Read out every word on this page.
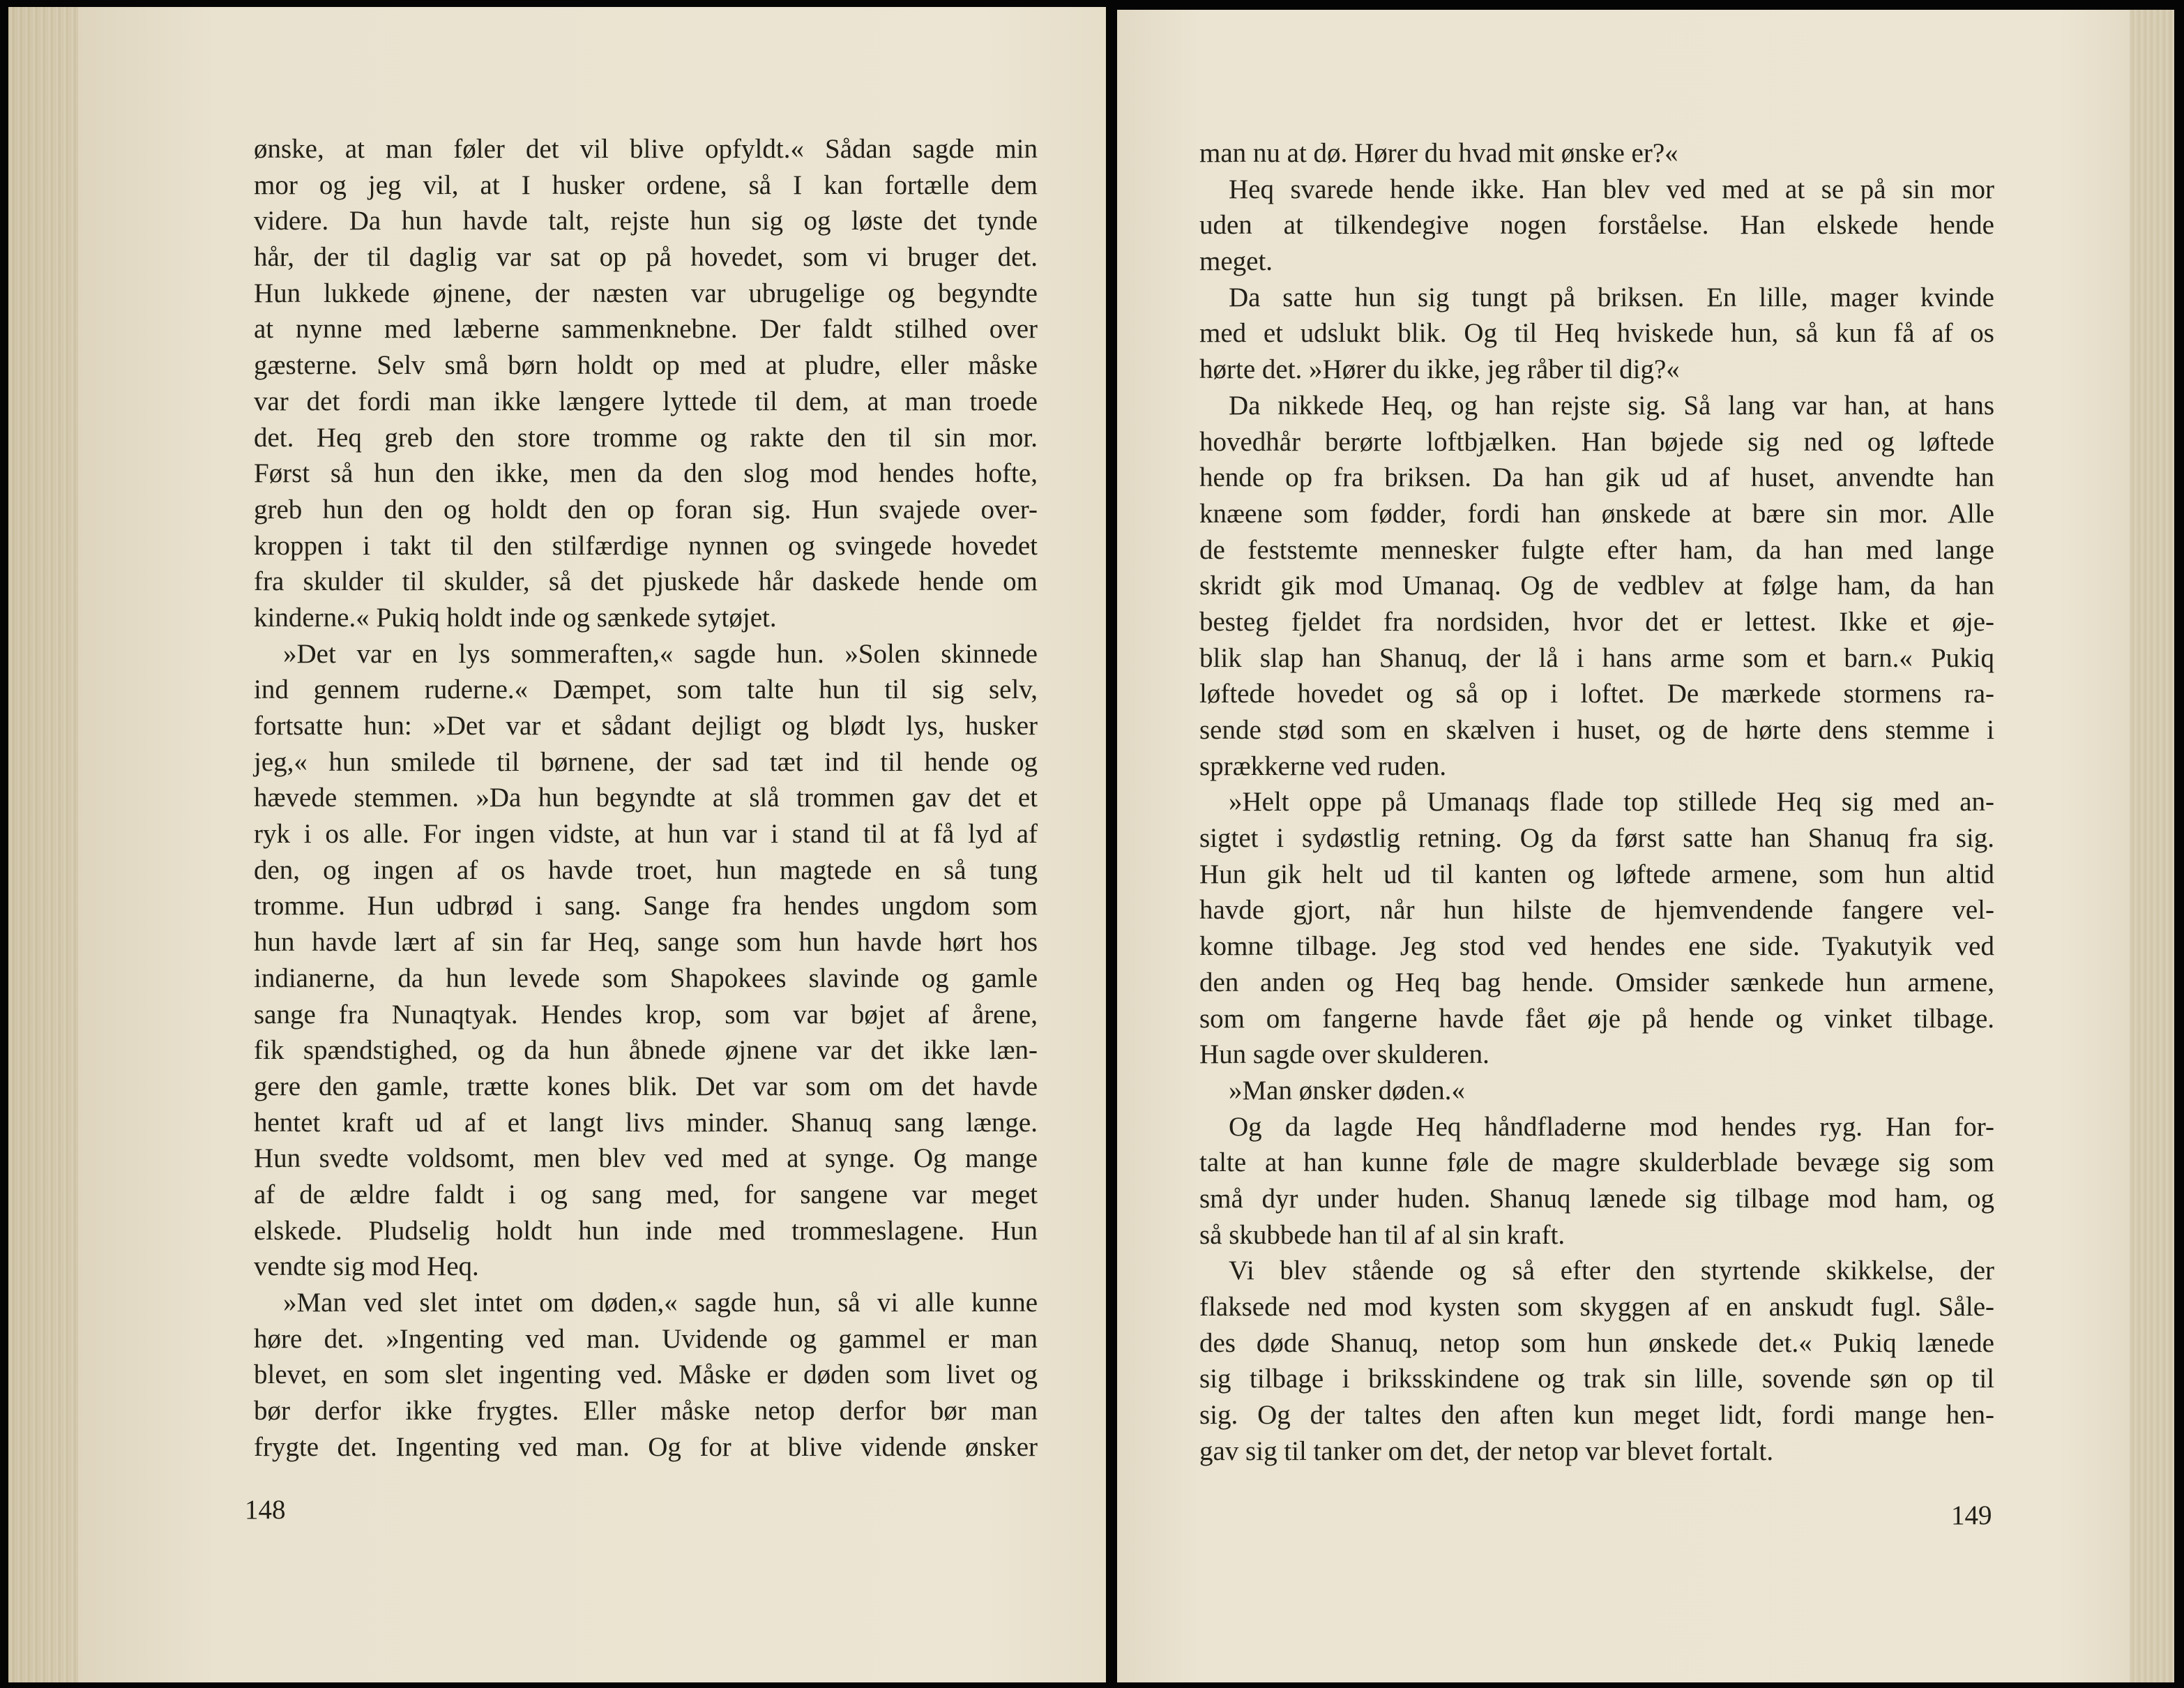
ønske, at man føler det vil blive opfyldt.« Sådan sagde min
mor og jeg vil, at I husker ordene, så I kan fortælle dem
videre. Da hun havde talt, rejste hun sig og løste det tynde
hår, der til daglig var sat op på hovedet, som vi bruger det.
Hun lukkede øjnene, der næsten var ubrugelige og begyndte
at nynne med læberne sammenknebne. Der faldt stilhed over
gæsterne. Selv små børn holdt op med at pludre, eller måske
var det fordi man ikke længere lyttede til dem, at man troede
det. Heq greb den store tromme og rakte den til sin mor.
Først så hun den ikke, men da den slog mod hendes hofte,
greb hun den og holdt den op foran sig. Hun svajede over-
kroppen i takt til den stilfærdige nynnen og svingede hovedet
fra skulder til skulder, så det pjuskede hår daskede hende om
kinderne.« Pukiq holdt inde og sænkede sytøjet.
»Det var en lys sommeraften,« sagde hun. »Solen skinnede
ind gennem ruderne.« Dæmpet, som talte hun til sig selv,
fortsatte hun: »Det var et sådant dejligt og blødt lys, husker
jeg,« hun smilede til børnene, der sad tæt ind til hende og
hævede stemmen. »Da hun begyndte at slå trommen gav det et
ryk i os alle. For ingen vidste, at hun var i stand til at få lyd af
den, og ingen af os havde troet, hun magtede en så tung
tromme. Hun udbrød i sang. Sange fra hendes ungdom som
hun havde lært af sin far Heq, sange som hun havde hørt hos
indianerne, da hun levede som Shapokees slavinde og gamle
sange fra Nunaqtyak. Hendes krop, som var bøjet af årene,
fik spændstighed, og da hun åbnede øjnene var det ikke læn-
gere den gamle, trætte kones blik. Det var som om det havde
hentet kraft ud af et langt livs minder. Shanuq sang længe.
Hun svedte voldsomt, men blev ved med at synge. Og mange
af de ældre faldt i og sang med, for sangene var meget
elskede. Pludselig holdt hun inde med trommeslagene. Hun
vendte sig mod Heq.
»Man ved slet intet om døden,« sagde hun, så vi alle kunne
høre det. »Ingenting ved man. Uvidende og gammel er man
blevet, en som slet ingenting ved. Måske er døden som livet og
bør derfor ikke frygtes. Eller måske netop derfor bør man
frygte det. Ingenting ved man. Og for at blive vidende ønsker
148
man nu at dø. Hører du hvad mit ønske er?«
Heq svarede hende ikke. Han blev ved med at se på sin mor
uden at tilkendegive nogen forståelse. Han elskede hende
meget.
Da satte hun sig tungt på briksen. En lille, mager kvinde
med et udslukt blik. Og til Heq hviskede hun, så kun få af os
hørte det. »Hører du ikke, jeg råber til dig?«
Da nikkede Heq, og han rejste sig. Så lang var han, at hans
hovedhår berørte loftbjælken. Han bøjede sig ned og løftede
hende op fra briksen. Da han gik ud af huset, anvendte han
knæene som fødder, fordi han ønskede at bære sin mor. Alle
de feststemte mennesker fulgte efter ham, da han med lange
skridt gik mod Umanaq. Og de vedblev at følge ham, da han
besteg fjeldet fra nordsiden, hvor det er lettest. Ikke et øje-
blik slap han Shanuq, der lå i hans arme som et barn.« Pukiq
løftede hovedet og så op i loftet. De mærkede stormens ra-
sende stød som en skælven i huset, og de hørte dens stemme i
sprækkerne ved ruden.
»Helt oppe på Umanaqs flade top stillede Heq sig med an-
sigtet i sydøstlig retning. Og da først satte han Shanuq fra sig.
Hun gik helt ud til kanten og løftede armene, som hun altid
havde gjort, når hun hilste de hjemvendende fangere vel-
komne tilbage. Jeg stod ved hendes ene side. Tyakutyik ved
den anden og Heq bag hende. Omsider sænkede hun armene,
som om fangerne havde fået øje på hende og vinket tilbage.
Hun sagde over skulderen.
»Man ønsker døden.«
Og da lagde Heq håndfladerne mod hendes ryg. Han for-
talte at han kunne føle de magre skulderblade bevæge sig som
små dyr under huden. Shanuq lænede sig tilbage mod ham, og
så skubbede han til af al sin kraft.
Vi blev stående og så efter den styrtende skikkelse, der
flaksede ned mod kysten som skyggen af en anskudt fugl. Såle-
des døde Shanuq, netop som hun ønskede det.« Pukiq lænede
sig tilbage i briksskindene og trak sin lille, sovende søn op til
sig. Og der taltes den aften kun meget lidt, fordi mange hen-
gav sig til tanker om det, der netop var blevet fortalt.
149
